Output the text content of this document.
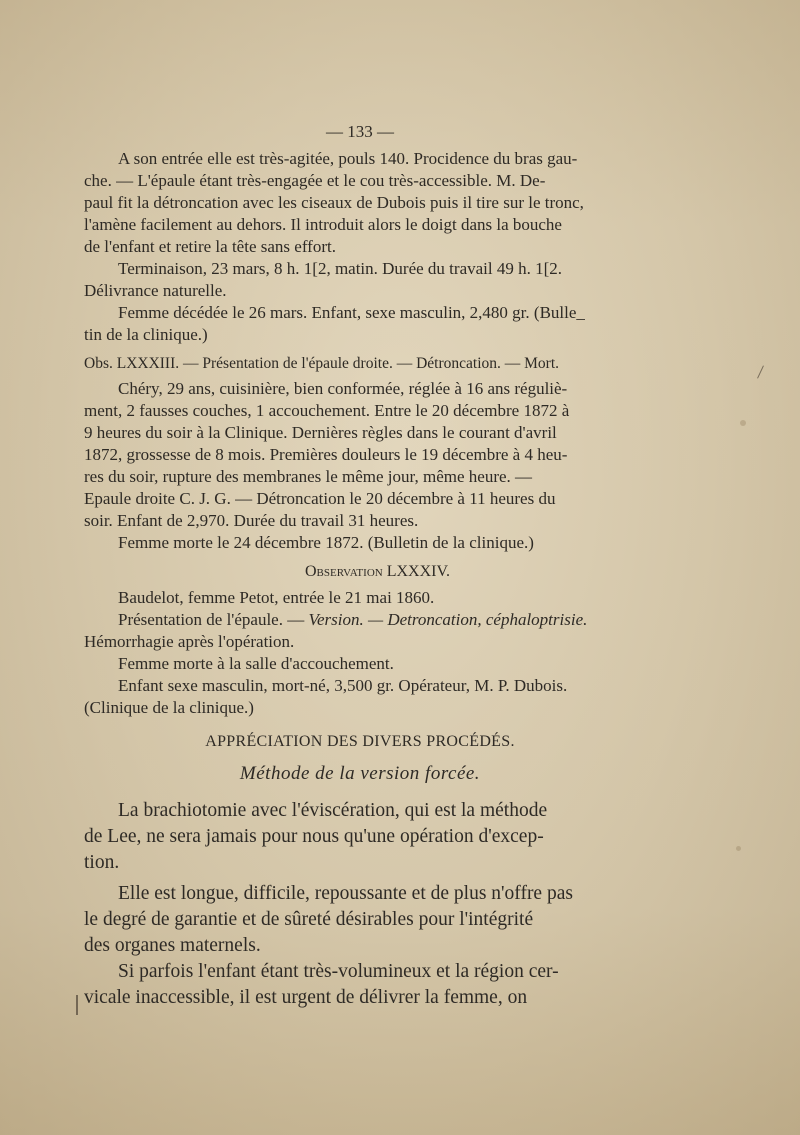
— 133 —
A son entrée elle est très-agitée, pouls 140. Procidence du bras gau-
che. — L'épaule étant très-engagée et le cou très-accessible. M. De-
paul fit la détroncation avec les ciseaux de Dubois puis il tire sur le tronc,
l'amène facilement au dehors. Il introduit alors le doigt dans la bouche
de l'enfant et retire la tête sans effort.
Terminaison, 23 mars, 8 h. 1[2, matin. Durée du travail 49 h. 1[2.
Délivrance naturelle.
Femme décédée le 26 mars. Enfant, sexe masculin, 2,480 gr. (Bulle_
tin de la clinique.)
Obs. LXXXIII. — Présentation de l'épaule droite. — Détroncation. — Mort.
Chéry, 29 ans, cuisinière, bien conformée, réglée à 16 ans réguliè-
ment, 2 fausses couches, 1 accouchement. Entre le 20 décembre 1872 à
9 heures du soir à la Clinique. Dernières règles dans le courant d'avril
1872, grossesse de 8 mois. Premières douleurs le 19 décembre à 4 heu-
res du soir, rupture des membranes le même jour, même heure. —
Epaule droite C. J. G. — Détroncation le 20 décembre à 11 heures du
soir. Enfant de 2,970. Durée du travail 31 heures.
Femme morte le 24 décembre 1872. (Bulletin de la clinique.)
Observation LXXXIV.
Baudelot, femme Petot, entrée le 21 mai 1860.
Présentation de l'épaule. — Version. — Detroncation, céphaloptrisie.
Hémorrhagie après l'opération.
Femme morte à la salle d'accouchement.
Enfant sexe masculin, mort-né, 3,500 gr. Opérateur, M. P. Dubois.
(Clinique de la clinique.)
APPRÉCIATION DES DIVERS PROCÉDÉS.
Méthode de la version forcée.
La brachiotomie avec l'éviscération, qui est la méthode
de Lee, ne sera jamais pour nous qu'une opération d'excep-
tion.
Elle est longue, difficile, repoussante et de plus n'offre pas
le degré de garantie et de sûreté désirables pour l'intégrité
des organes maternels.
Si parfois l'enfant étant très-volumineux et la région cer-
vicale inaccessible, il est urgent de délivrer la femme, on
